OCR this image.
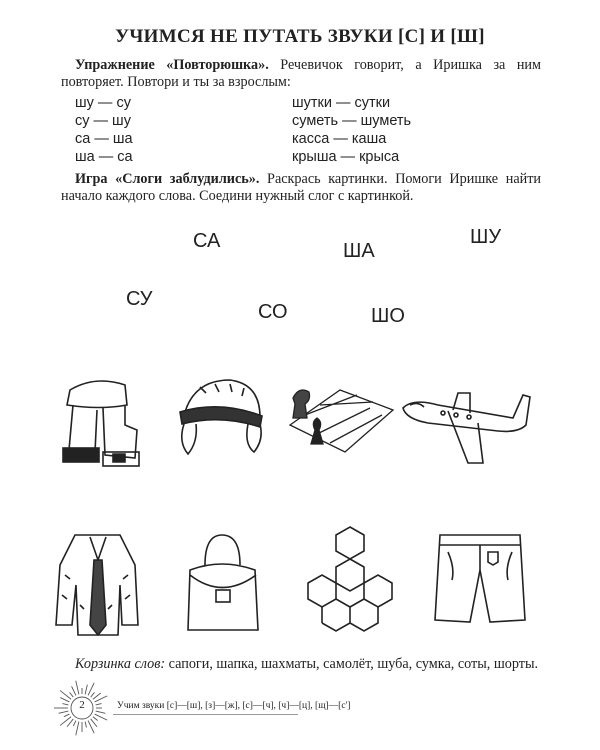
УЧИМСЯ НЕ ПУТАТЬ ЗВУКИ [С] И [Ш]
Упражнение «Повторюшка». Речевичок говорит, а Иришка за ним повторяет. Повтори и ты за взрослым:
шу — су
су — шу
са — ша
ша — са
шутки — сутки
суметь — шуметь
касса — каша
крыша — крыса
Игра «Слоги заблудились». Раскрась картинки. Помоги Иришке найти начало каждого слова. Соедини нужный слог с картинкой.
СА	ША
ШУ
СУ
СО	ШО
Корзинка слов: сапоги, шапка, шахматы, самолёт, шуба, сумка, соты, шорты.
2	Учим звуки [с]—[ш], [з]—[ж], [с]—[ч], [ч]—[ц], [щ]—[с']
